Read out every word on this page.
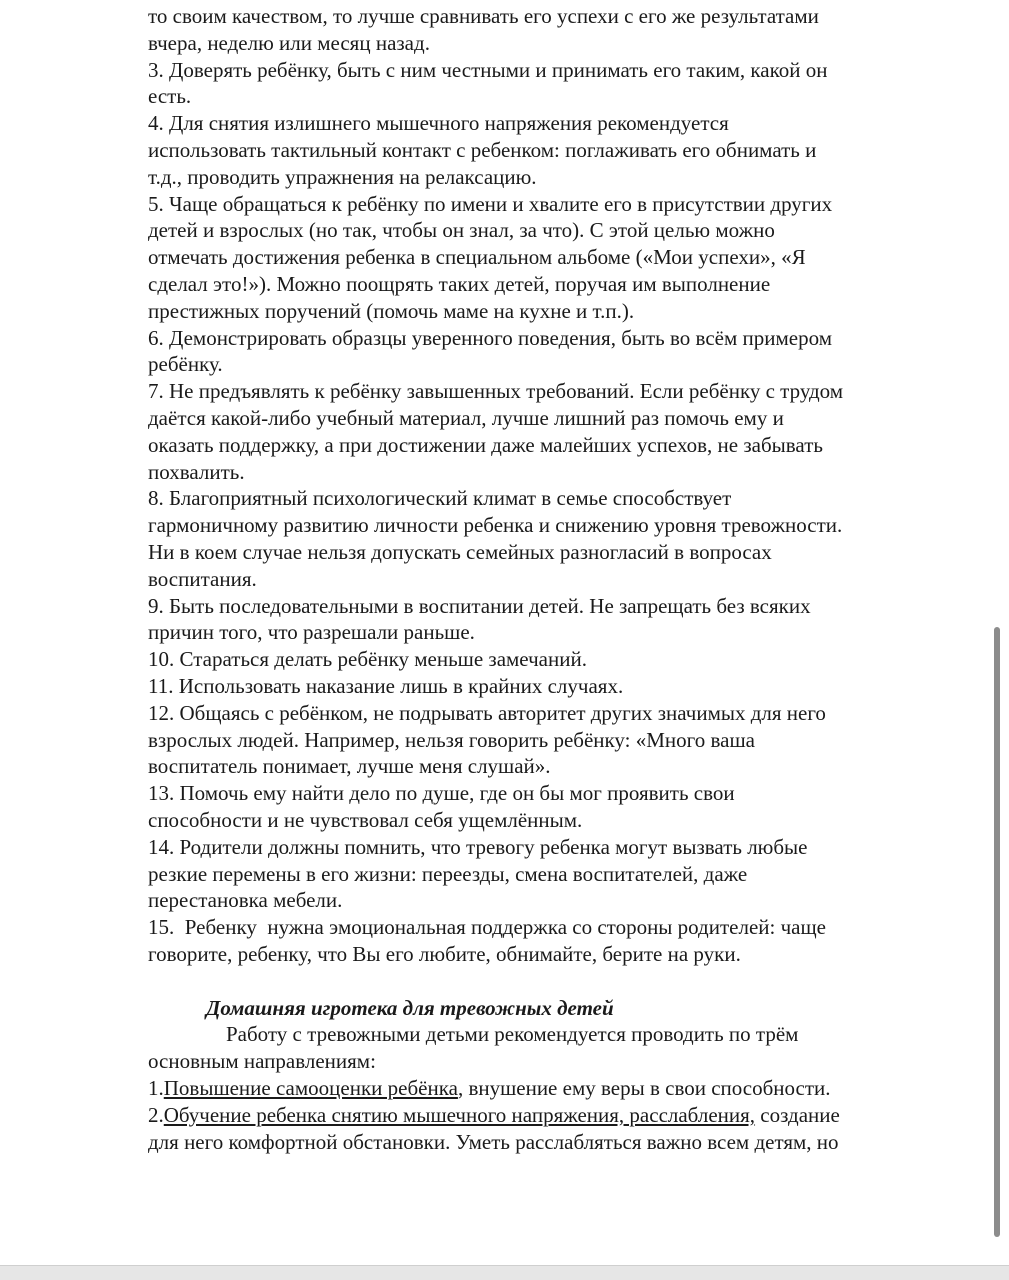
то своим качеством, то лучше сравнивать его успехи с его же результатами
вчера, неделю или месяц назад.
3. Доверять ребёнку, быть с ним честными и принимать его таким, какой он
есть.
4. Для снятия излишнего мышечного напряжения рекомендуется
использовать тактильный контакт с ребенком: поглаживать его обнимать и
т.д., проводить упражнения на релаксацию.
5. Чаще обращаться к ребёнку по имени и хвалите его в присутствии других
детей и взрослых (но так, чтобы он знал, за что). С этой целью можно
отмечать достижения ребенка в специальном альбоме («Мои успехи», «Я
сделал это!»). Можно поощрять таких детей, поручая им выполнение
престижных поручений (помочь маме на кухне и т.п.).
6. Демонстрировать образцы уверенного поведения, быть во всём примером
ребёнку.
7. Не предъявлять к ребёнку завышенных требований. Если ребёнку с трудом
даётся какой-либо учебный материал, лучше лишний раз помочь ему и
оказать поддержку, а при достижении даже малейших успехов, не забывать
похвалить.
8. Благоприятный психологический климат в семье способствует
гармоничному развитию личности ребенка и снижению уровня тревожности.
Ни в коем случае нельзя допускать семейных разногласий в вопросах
воспитания.
9. Быть последовательными в воспитании детей. Не запрещать без всяких
причин того, что разрешали раньше.
10. Стараться делать ребёнку меньше замечаний.
11. Использовать наказание лишь в крайних случаях.
12. Общаясь с ребёнком, не подрывать авторитет других значимых для него
взрослых людей. Например, нельзя говорить ребёнку: «Много ваша
воспитатель понимает, лучше меня слушай».
13. Помочь ему найти дело по душе, где он бы мог проявить свои
способности и не чувствовал себя ущемлённым.
14. Родители должны помнить, что тревогу ребенка могут вызвать любые
резкие перемены в его жизни: переезды, смена воспитателей, даже
перестановка мебели.
15.  Ребенку  нужна эмоциональная поддержка со стороны родителей: чаще
говорите, ребенку, что Вы его любите, обнимайте, берите на руки.

Домашняя игротека для тревожных детей

Работу с тревожными детьми рекомендуется проводить по трём

основным направлениям:

1.Повышение самооценки ребёнка, внушение ему веры в свои способности.

2.Обучение ребенка снятию мышечного напряжения, расслабления, создание

для него комфортной обстановки. Уметь расслабляться важно всем детям, но
